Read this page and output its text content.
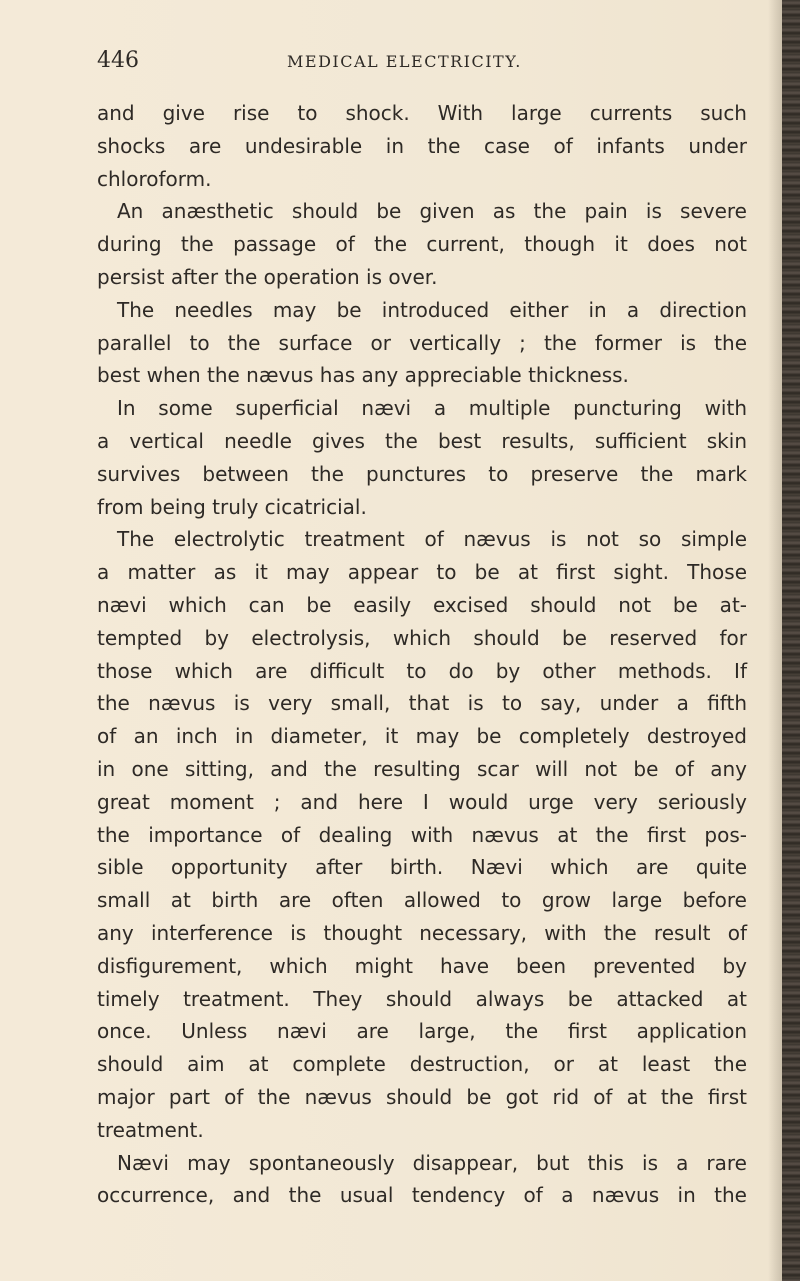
446	MEDICAL ELECTRICITY.
and give rise to shock. With large currents such
shocks are undesirable in the case of infants under
chloroform.
An anæsthetic should be given as the pain is severe
during the passage of the current, though it does not
persist after the operation is over.
The needles may be introduced either in a direction
parallel to the surface or vertically ; the former is the
best when the nævus has any appreciable thickness.
In some superficial nævi a multiple puncturing with
a vertical needle gives the best results, sufficient skin
survives between the punctures to preserve the mark
from being truly cicatricial.
The electrolytic treatment of nævus is not so simple
a matter as it may appear to be at first sight. Those
nævi which can be easily excised should not be at-
tempted by electrolysis, which should be reserved for
those which are difficult to do by other methods. If
the nævus is very small, that is to say, under a fifth
of an inch in diameter, it may be completely destroyed
in one sitting, and the resulting scar will not be of any
great moment ; and here I would urge very seriously
the importance of dealing with nævus at the first pos-
sible opportunity after birth. Nævi which are quite
small at birth are often allowed to grow large before
any interference is thought necessary, with the result of
disfigurement, which might have been prevented by
timely treatment. They should always be attacked at
once. Unless nævi are large, the first application
should aim at complete destruction, or at least the
major part of the nævus should be got rid of at the first
treatment.
Nævi may spontaneously disappear, but this is a rare
occurrence, and the usual tendency of a nævus in the
